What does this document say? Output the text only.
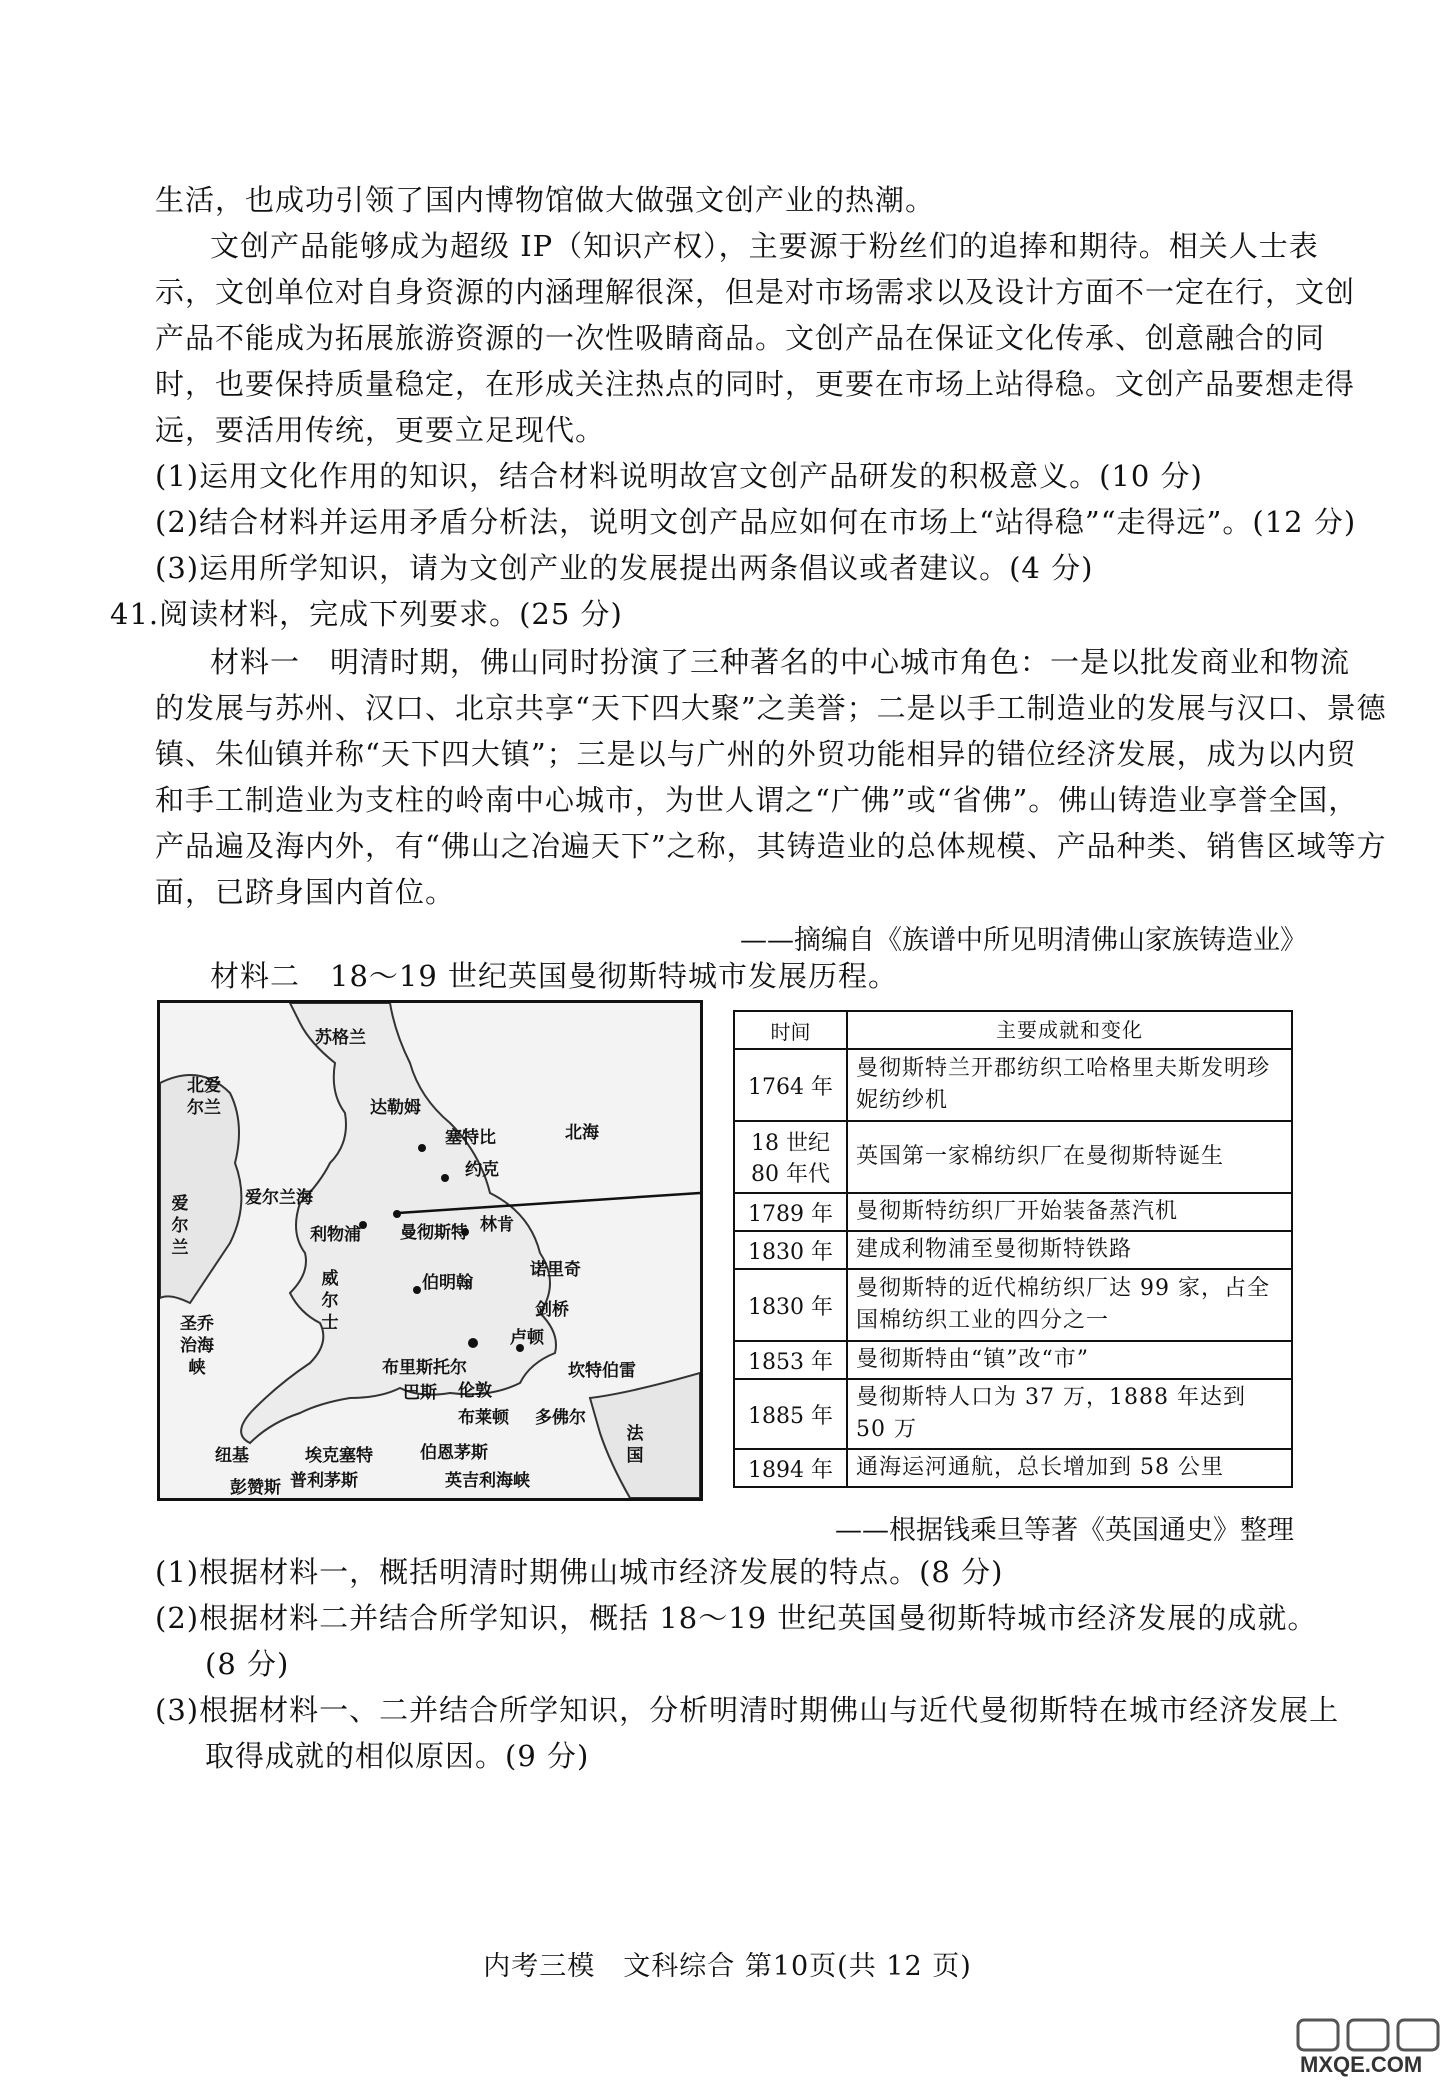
生活，也成功引领了国内博物馆做大做强文创产业的热潮。
文创产品能够成为超级 IP（知识产权），主要源于粉丝们的追捧和期待。相关人士表
示，文创单位对自身资源的内涵理解很深，但是对市场需求以及设计方面不一定在行，文创
产品不能成为拓展旅游资源的一次性吸睛商品。文创产品在保证文化传承、创意融合的同
时，也要保持质量稳定，在形成关注热点的同时，更要在市场上站得稳。文创产品要想走得
远，要活用传统，更要立足现代。
(1)运用文化作用的知识，结合材料说明故宫文创产品研发的积极意义。(10 分)
(2)结合材料并运用矛盾分析法，说明文创产品应如何在市场上“站得稳”“走得远”。(12 分)
(3)运用所学知识，请为文创产业的发展提出两条倡议或者建议。(4 分)
41.阅读材料，完成下列要求。(25 分)
材料一　明清时期，佛山同时扮演了三种著名的中心城市角色：一是以批发商业和物流
的发展与苏州、汉口、北京共享“天下四大聚”之美誉；二是以手工制造业的发展与汉口、景德
镇、朱仙镇并称“天下四大镇”；三是以与广州的外贸功能相异的错位经济发展，成为以内贸
和手工制造业为支柱的岭南中心城市，为世人谓之“广佛”或“省佛”。佛山铸造业享誉全国，
产品遍及海内外，有“佛山之冶遍天下”之称，其铸造业的总体规模、产品种类、销售区域等方
面，已跻身国内首位。
——摘编自《族谱中所见明清佛山家族铸造业》
材料二　18～19 世纪英国曼彻斯特城市发展历程。
苏格兰
北爱尔兰	达勒姆
塞特比	北海
约克
爱尔兰海
利物浦 曼彻斯特 林肯
爱尔兰
诺里奇
伯明翰
威尔士
剑桥
卢顿
圣乔治海峡	布里斯托尔
伦敦
坎特伯雷
巴斯
布莱顿 多佛尔
法国
纽基	埃克塞特	伯恩茅斯
普利茅斯
彭赞斯	英吉利海峡
时间	主要成就和变化
1764 年	曼彻斯特兰开郡纺织工哈格里夫斯发明珍妮纺纱机
18 世纪 80 年代	英国第一家棉纺织厂在曼彻斯特诞生
1789 年	曼彻斯特纺织厂开始装备蒸汽机
1830 年	建成利物浦至曼彻斯特铁路
1830 年	曼彻斯特的近代棉纺织厂达 99 家，占全国棉纺织工业的四分之一
1853 年	曼彻斯特由“镇”改“市”
1885 年	曼彻斯特人口为 37 万，1888 年达到 50 万
1894 年	通海运河通航，总长增加到 58 公里
——根据钱乘旦等著《英国通史》整理
(1)根据材料一，概括明清时期佛山城市经济发展的特点。(8 分)
(2)根据材料二并结合所学知识，概括 18～19 世纪英国曼彻斯特城市经济发展的成就。
(8 分)
(3)根据材料一、二并结合所学知识，分析明清时期佛山与近代曼彻斯特在城市经济发展上
取得成就的相似原因。(9 分)
内考三模　文科综合 第10页(共 12 页)
MXQE.COM
